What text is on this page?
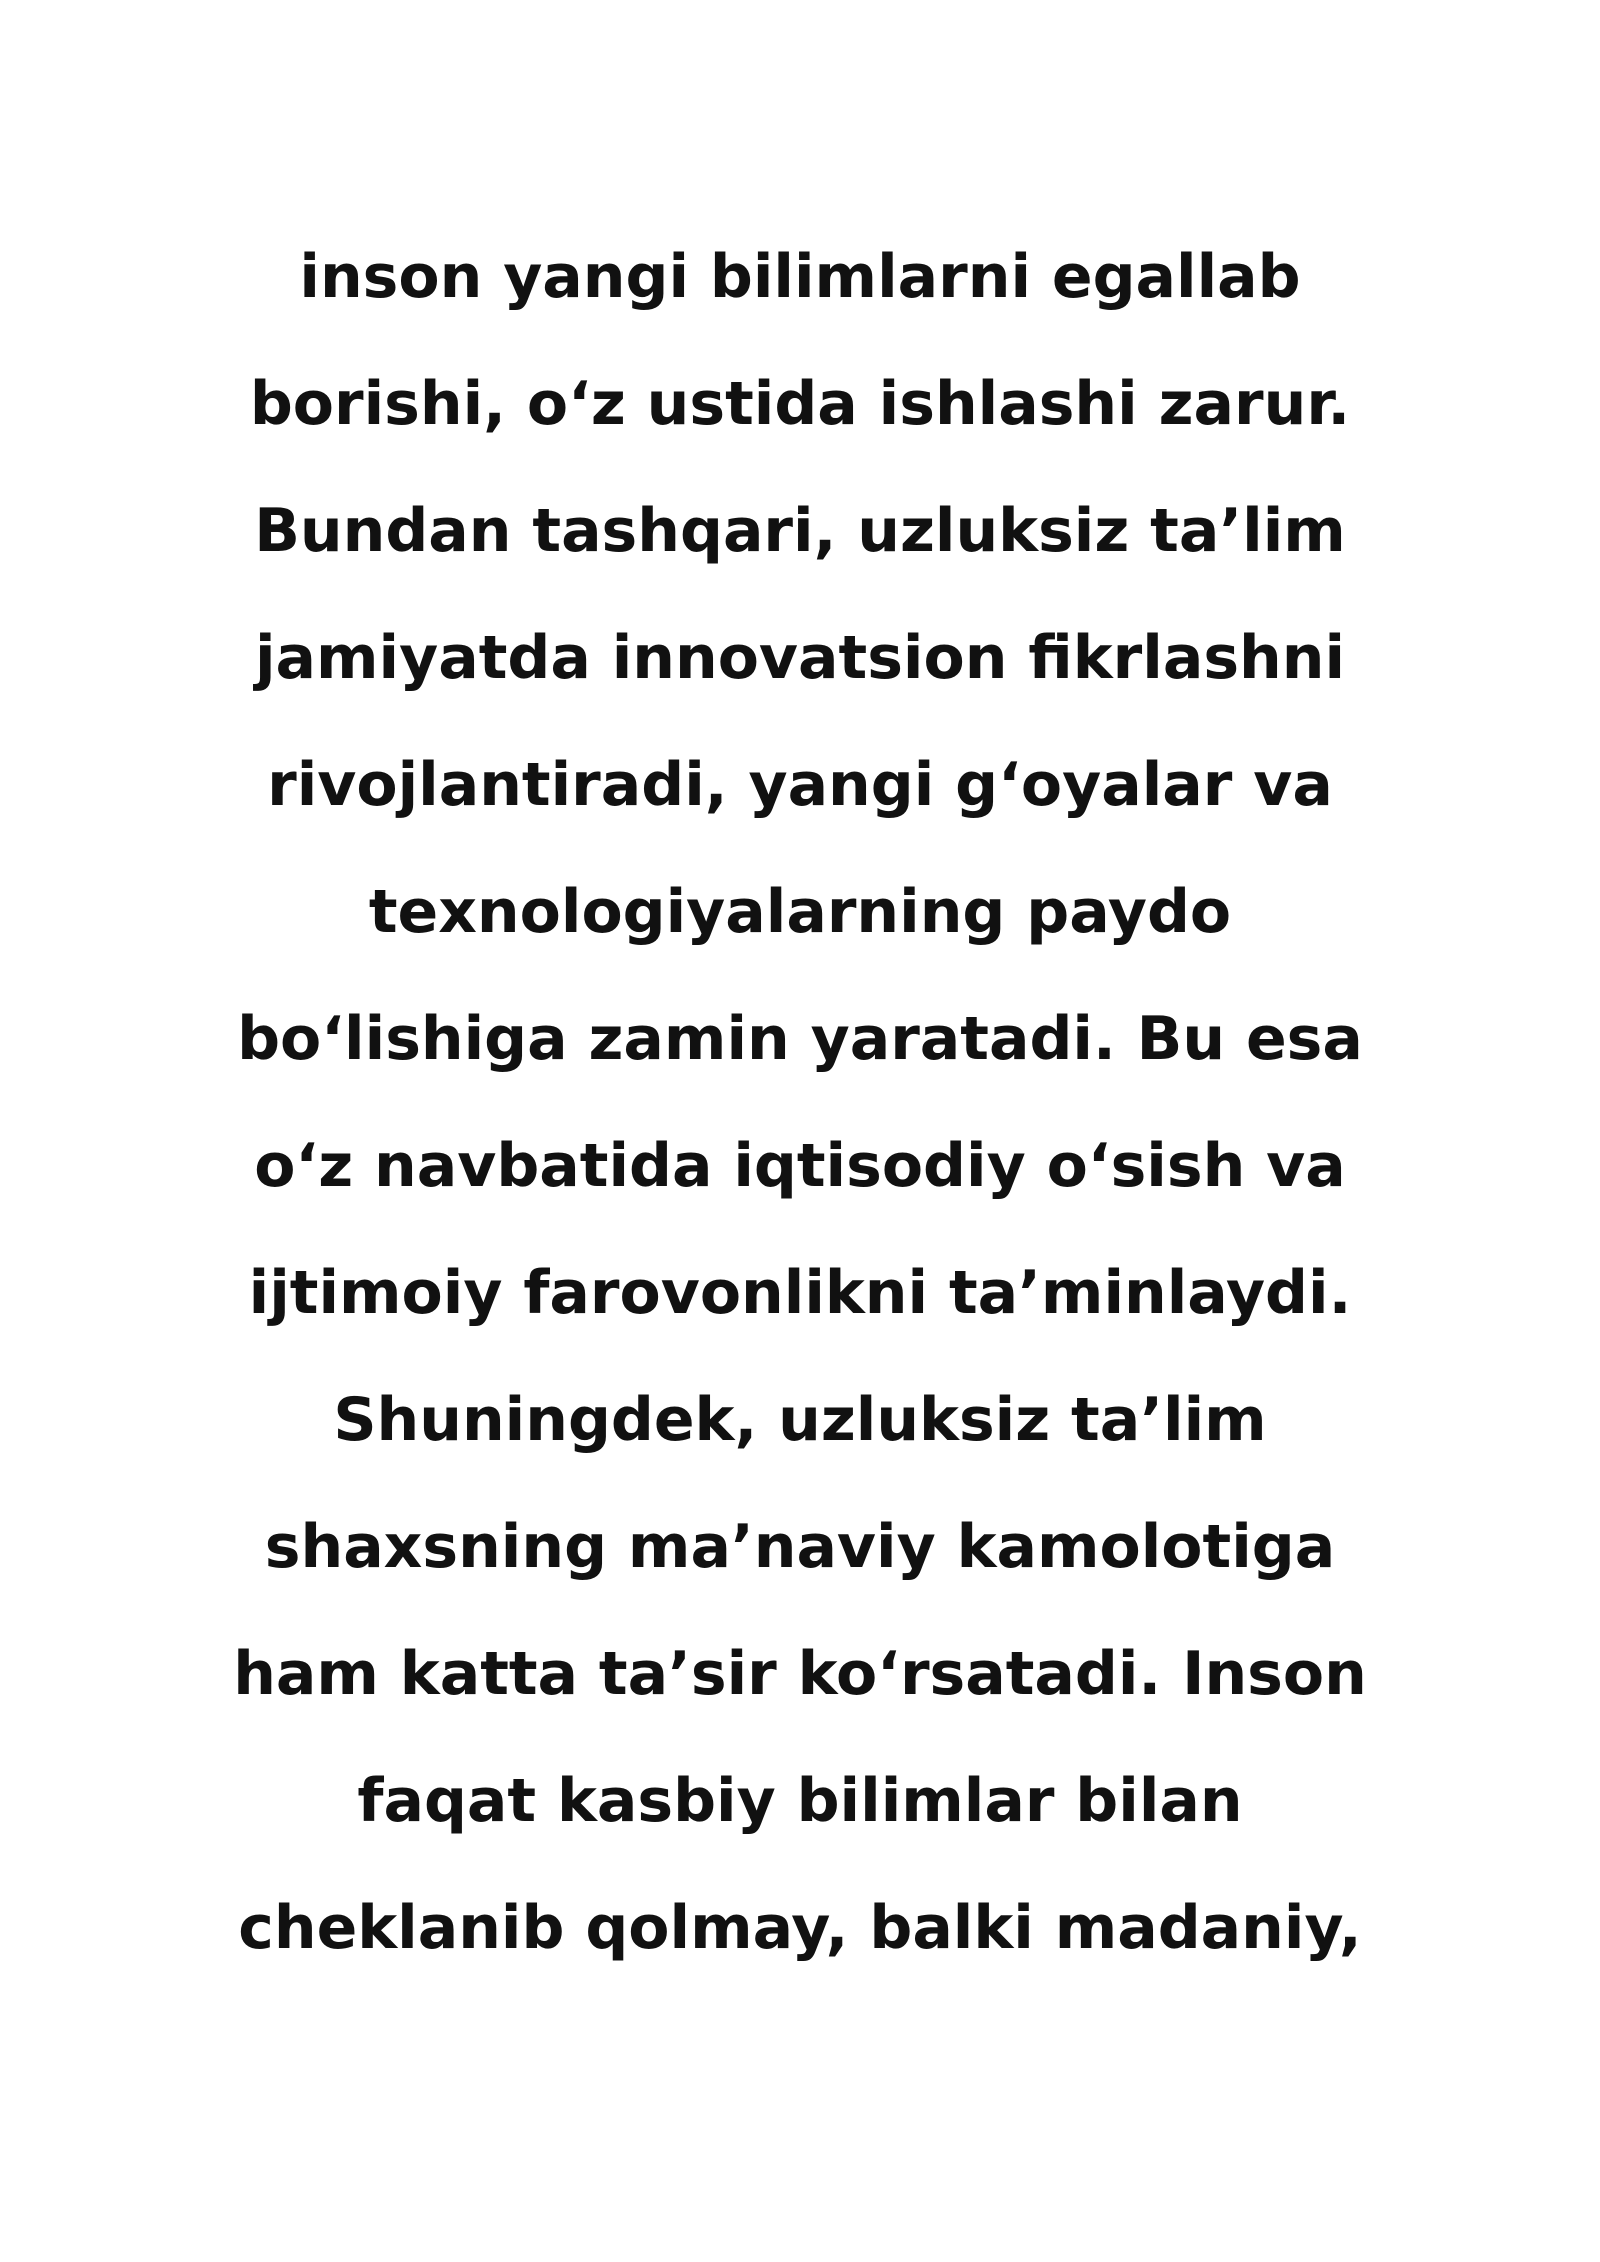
inson yangi bilimlarni egallab
borishi, o‘z ustida ishlashi zarur.
Bundan tashqari, uzluksiz ta’lim
jamiyatda innovatsion fikrlashni
rivojlantiradi, yangi g‘oyalar va
texnologiyalarning paydo
bo‘lishiga zamin yaratadi. Bu esa
o‘z navbatida iqtisodiy o‘sish va
ijtimoiy farovonlikni ta’minlaydi.
Shuningdek, uzluksiz ta’lim
shaxsning ma’naviy kamolotiga
ham katta ta’sir ko‘rsatadi. Inson
faqat kasbiy bilimlar bilan
cheklanib qolmay, balki madaniy,
